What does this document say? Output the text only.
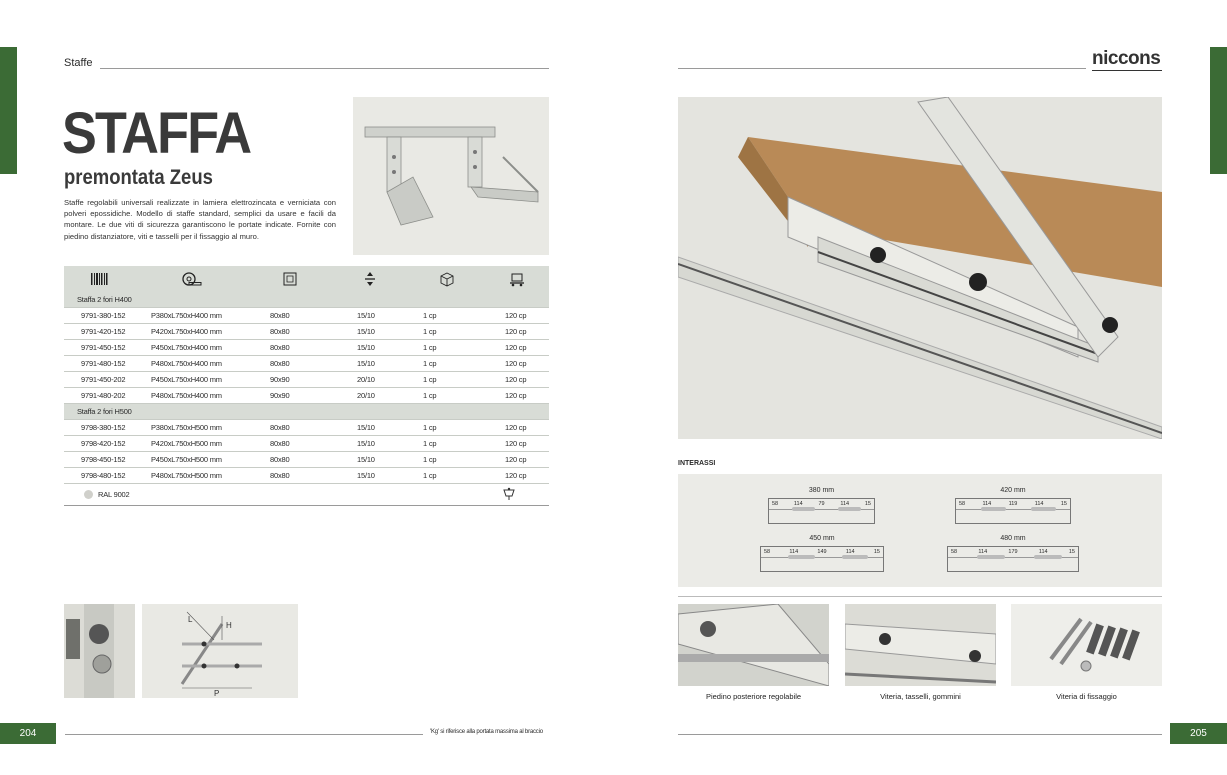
Staffe
STAFFA
premontata Zeus
Staffe regolabili universali realizzate in lamiera elettrozincata e verniciata con polveri epossidiche. Modello di staffe standard, semplici da usare e facili da montare. Le due viti di sicurezza garantiscono le portate indicate. Fornite con piedino distanziatore, viti e tasselli per il fissaggio al muro.
Staffa 2 fori H400
9791-380-152	P380xL750xH400 mm	80x80	15/10	1 cp	120 cp
9791-420-152	P420xL750xH400 mm	80x80	15/10	1 cp	120 cp
9791-450-152	P450xL750xH400 mm	80x80	15/10	1 cp	120 cp
9791-480-152	P480xL750xH400 mm	80x80	15/10	1 cp	120 cp
9791-450-202	P450xL750xH400 mm	90x90	20/10	1 cp	120 cp
9791-480-202	P480xL750xH400 mm	90x90	20/10	1 cp	120 cp
Staffa 2 fori H500
9798-380-152	P380xL750xH500 mm	80x80	15/10	1 cp	120 cp
9798-420-152	P420xL750xH500 mm	80x80	15/10	1 cp	120 cp
9798-450-152	P450xL750xH500 mm	80x80	15/10	1 cp	120 cp
9798-480-152	P480xL750xH500 mm	80x80	15/10	1 cp	120 cp
RAL 9002
L
H
P
204	'Kg' si riferisce alla portata massima al braccio
niccons
INTERASSI
380 mm
58	114	79	114	15
420 mm
58	114	119	114	15
450 mm
58	114	149	114	15
480 mm
58	114	179	114	15
Piedino posteriore regolabile	Viteria, tasselli, gommini	Viteria di fissaggio
205
